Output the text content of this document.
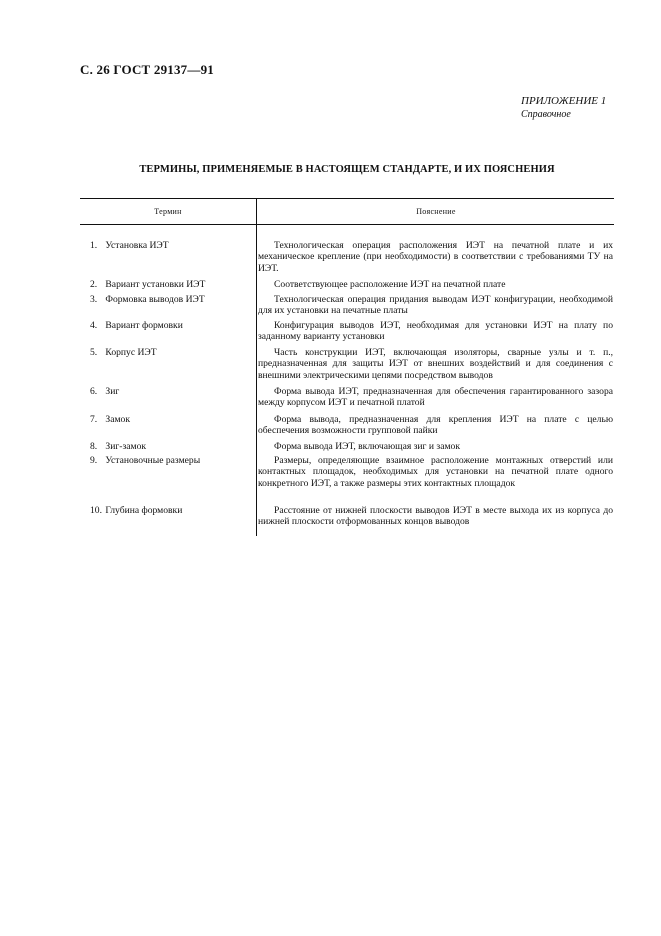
С. 26 ГОСТ 29137—91
ПРИЛОЖЕНИЕ 1
Справочное
ТЕРМИНЫ, ПРИМЕНЯЕМЫЕ В НАСТОЯЩЕМ СТАНДАРТЕ, И ИХ ПОЯСНЕНИЯ
Термин	Пояснение
1. Установка ИЭТ	Технологическая операция расположения ИЭТ на печатной плате и их механическое крепление (при необходимости) в соответствии с требованиями ТУ на ИЭТ.
2. Вариант установки ИЭТ	Соответствующее расположение ИЭТ на печатной плате
3. Формовка выводов ИЭТ	Технологическая операция придания выводам ИЭТ конфигурации, необходимой для их установки на печатные платы
4. Вариант формовки	Конфигурация выводов ИЭТ, необходимая для установки ИЭТ на плату по заданному варианту установки
5. Корпус ИЭТ	Часть конструкции ИЭТ, включающая изоляторы, сварные узлы и т. п., предназначенная для защиты ИЭТ от внешних воздействий и для соединения с внешними электрическими цепями посредством выводов
6. Зиг	Форма вывода ИЭТ, предназначенная для обеспечения гарантированного зазора между корпусом ИЭТ и печатной платой
7. Замок	Форма вывода, предназначенная для крепления ИЭТ на плате с целью обеспечения возможности групповой пайки
8. Зиг-замок	Форма вывода ИЭТ, включающая зиг и замок
9. Установочные размеры	Размеры, определяющие взаимное расположение монтажных отверстий или контактных площадок, необходимых для установки на печатной плате одного конкретного ИЭТ, а также размеры этих контактных площадок
10. Глубина формовки	Расстояние от нижней плоскости выводов ИЭТ в месте выхода их из корпуса до нижней плоскости отформованных концов выводов
